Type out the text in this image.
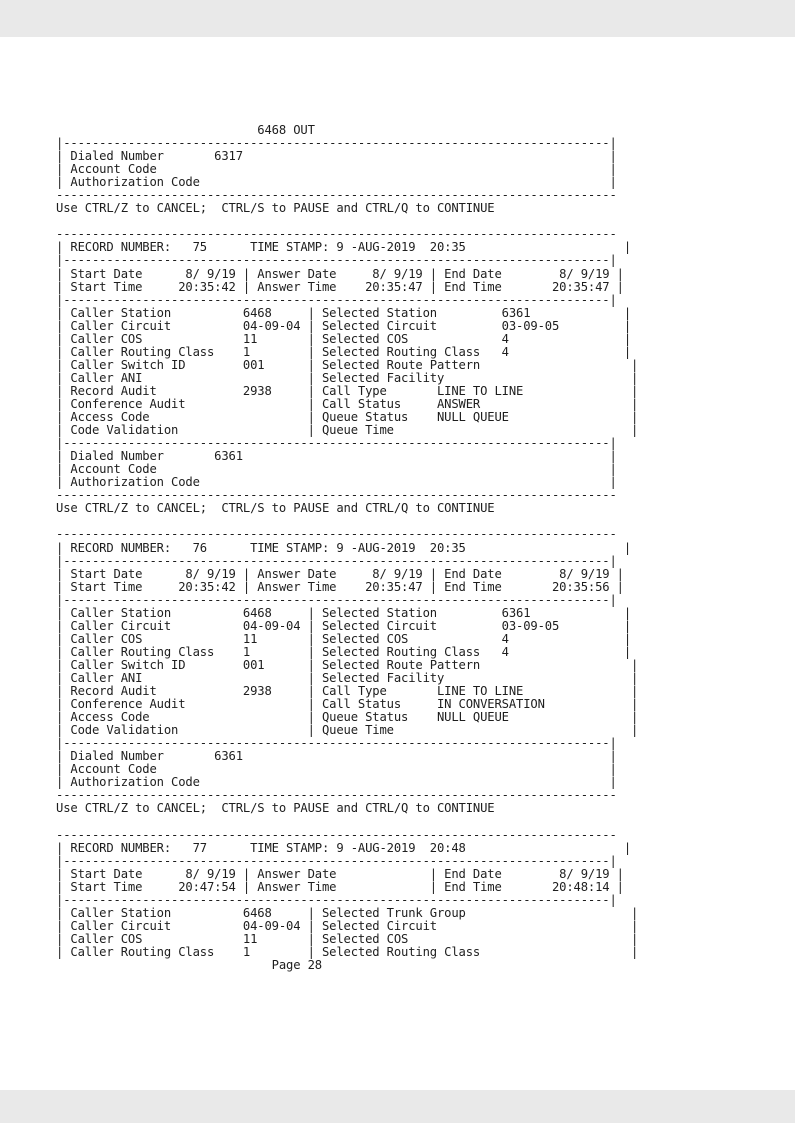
6468 OUT
|----------------------------------------------------------------------------|
| Dialed Number       6317                                                   |
| Account Code                                                               |
| Authorization Code                                                         |
------------------------------------------------------------------------------
Use CTRL/Z to CANCEL;  CTRL/S to PAUSE and CTRL/Q to CONTINUE

------------------------------------------------------------------------------
| RECORD NUMBER:   75      TIME STAMP: 9 -AUG-2019  20:35                      |
|----------------------------------------------------------------------------|
| Start Date      8/ 9/19 | Answer Date     8/ 9/19 | End Date        8/ 9/19 |
| Start Time     20:35:42 | Answer Time    20:35:47 | End Time       20:35:47 |
|----------------------------------------------------------------------------|
| Caller Station          6468     | Selected Station         6361             |
| Caller Circuit          04-09-04 | Selected Circuit         03-09-05         |
| Caller COS              11       | Selected COS             4                |
| Caller Routing Class    1        | Selected Routing Class   4                |
| Caller Switch ID        001      | Selected Route Pattern                     |
| Caller ANI                       | Selected Facility                          |
| Record Audit            2938     | Call Type       LINE TO LINE               |
| Conference Audit                 | Call Status     ANSWER                     |
| Access Code                      | Queue Status    NULL QUEUE                 |
| Code Validation                  | Queue Time                                 |
|----------------------------------------------------------------------------|
| Dialed Number       6361                                                   |
| Account Code                                                               |
| Authorization Code                                                         |
------------------------------------------------------------------------------
Use CTRL/Z to CANCEL;  CTRL/S to PAUSE and CTRL/Q to CONTINUE

------------------------------------------------------------------------------
| RECORD NUMBER:   76      TIME STAMP: 9 -AUG-2019  20:35                      |
|----------------------------------------------------------------------------|
| Start Date      8/ 9/19 | Answer Date     8/ 9/19 | End Date        8/ 9/19 |
| Start Time     20:35:42 | Answer Time    20:35:47 | End Time       20:35:56 |
|----------------------------------------------------------------------------|
| Caller Station          6468     | Selected Station         6361             |
| Caller Circuit          04-09-04 | Selected Circuit         03-09-05         |
| Caller COS              11       | Selected COS             4                |
| Caller Routing Class    1        | Selected Routing Class   4                |
| Caller Switch ID        001      | Selected Route Pattern                     |
| Caller ANI                       | Selected Facility                          |
| Record Audit            2938     | Call Type       LINE TO LINE               |
| Conference Audit                 | Call Status     IN CONVERSATION            |
| Access Code                      | Queue Status    NULL QUEUE                 |
| Code Validation                  | Queue Time                                 |
|----------------------------------------------------------------------------|
| Dialed Number       6361                                                   |
| Account Code                                                               |
| Authorization Code                                                         |
------------------------------------------------------------------------------
Use CTRL/Z to CANCEL;  CTRL/S to PAUSE and CTRL/Q to CONTINUE

------------------------------------------------------------------------------
| RECORD NUMBER:   77      TIME STAMP: 9 -AUG-2019  20:48                      |
|----------------------------------------------------------------------------|
| Start Date      8/ 9/19 | Answer Date             | End Date        8/ 9/19 |
| Start Time     20:47:54 | Answer Time             | End Time       20:48:14 |
|----------------------------------------------------------------------------|
| Caller Station          6468     | Selected Trunk Group                       |
| Caller Circuit          04-09-04 | Selected Circuit                           |
| Caller COS              11       | Selected COS                               |
| Caller Routing Class    1        | Selected Routing Class                     |
Page 28
